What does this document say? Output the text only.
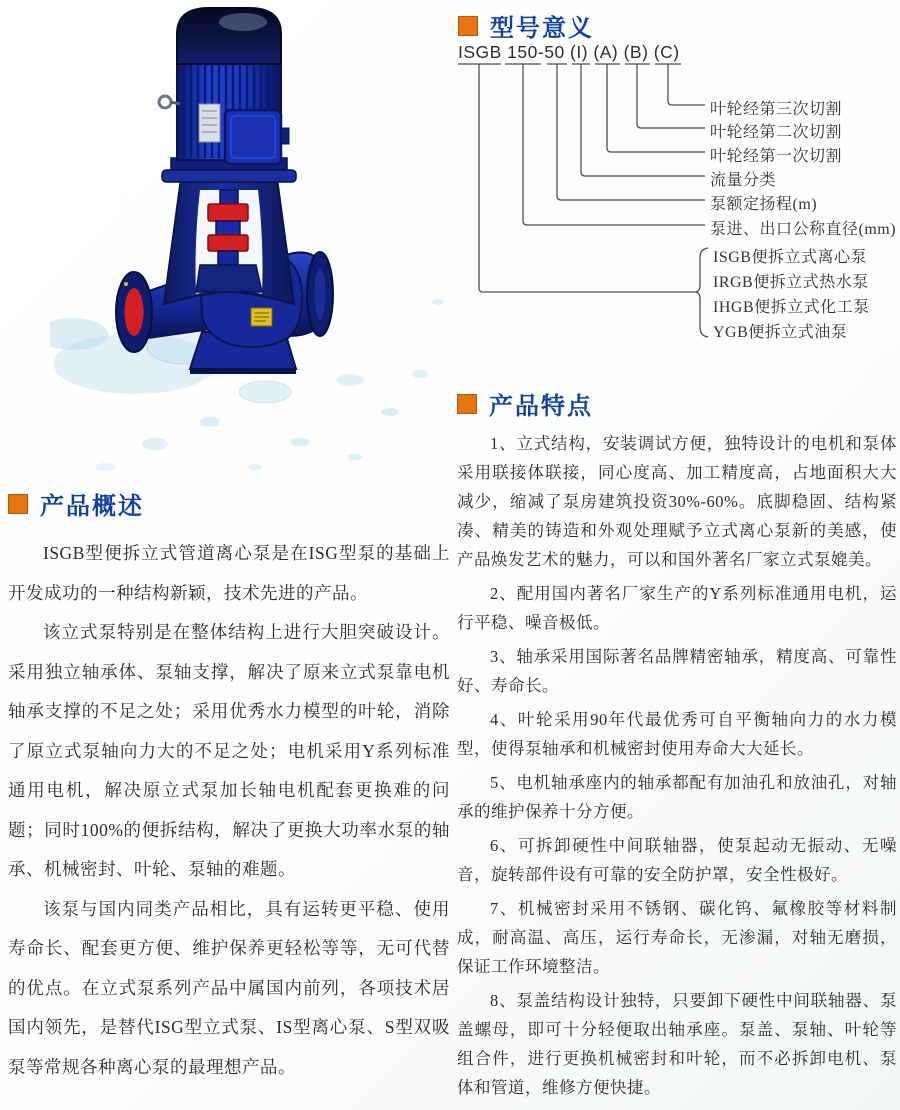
型号意义
ISGB 150-50 (I) (A) (B) (C)
叶轮经第三次切割
叶轮经第二次切割
叶轮经第一次切割
流量分类
泵额定扬程(m)
泵进、出口公称直径(mm)
ISGB便拆立式离心泵
IRGB便拆立式热水泵
IHGB便拆立式化工泵
YGB便拆立式油泵
产品概述

ISGB型便拆立式管道离心泵是在ISG型泵的基础上开发成功的一种结构新颖，技术先进的产品。

该立式泵特别是在整体结构上进行大胆突破设计。采用独立轴承体、泵轴支撑，解决了原来立式泵靠电机轴承支撑的不足之处；采用优秀水力模型的叶轮，消除了原立式泵轴向力大的不足之处；电机采用Y系列标准通用电机，解决原立式泵加长轴电机配套更换难的问题；同时100%的便拆结构，解决了更换大功率水泵的轴承、机械密封、叶轮、泵轴的难题。

该泵与国内同类产品相比，具有运转更平稳、使用寿命长、配套更方便、维护保养更轻松等等，无可代替的优点。在立式泵系列产品中属国内前列，各项技术居国内领先，是替代ISG型立式泵、IS型离心泵、S型双吸泵等常规各种离心泵的最理想产品。

产品特点

1、立式结构，安装调试方便，独特设计的电机和泵体采用联接体联接，同心度高、加工精度高，占地面积大大减少，缩减了泵房建筑投资30%-60%。底脚稳固、结构紧凑、精美的铸造和外观处理赋予立式离心泵新的美感，使产品焕发艺术的魅力，可以和国外著名厂家立式泵媲美。

2、配用国内著名厂家生产的Y系列标准通用电机，运行平稳、噪音极低。

3、轴承采用国际著名品牌精密轴承，精度高、可靠性好、寿命长。

4、叶轮采用90年代最优秀可自平衡轴向力的水力模型，使得泵轴承和机械密封使用寿命大大延长。

5、电机轴承座内的轴承都配有加油孔和放油孔，对轴承的维护保养十分方便。

6、可拆卸硬性中间联轴器，使泵起动无振动、无噪音，旋转部件设有可靠的安全防护罩，安全性极好。

7、机械密封采用不锈钢、碳化钨、氟橡胶等材料制成，耐高温、高压，运行寿命长，无渗漏，对轴无磨损，保证工作环境整洁。

8、泵盖结构设计独特，只要卸下硬性中间联轴器、泵盖螺母，即可十分轻便取出轴承座。泵盖、泵轴、叶轮等组合件，进行更换机械密封和叶轮，而不必拆卸电机、泵体和管道，维修方便快捷。
